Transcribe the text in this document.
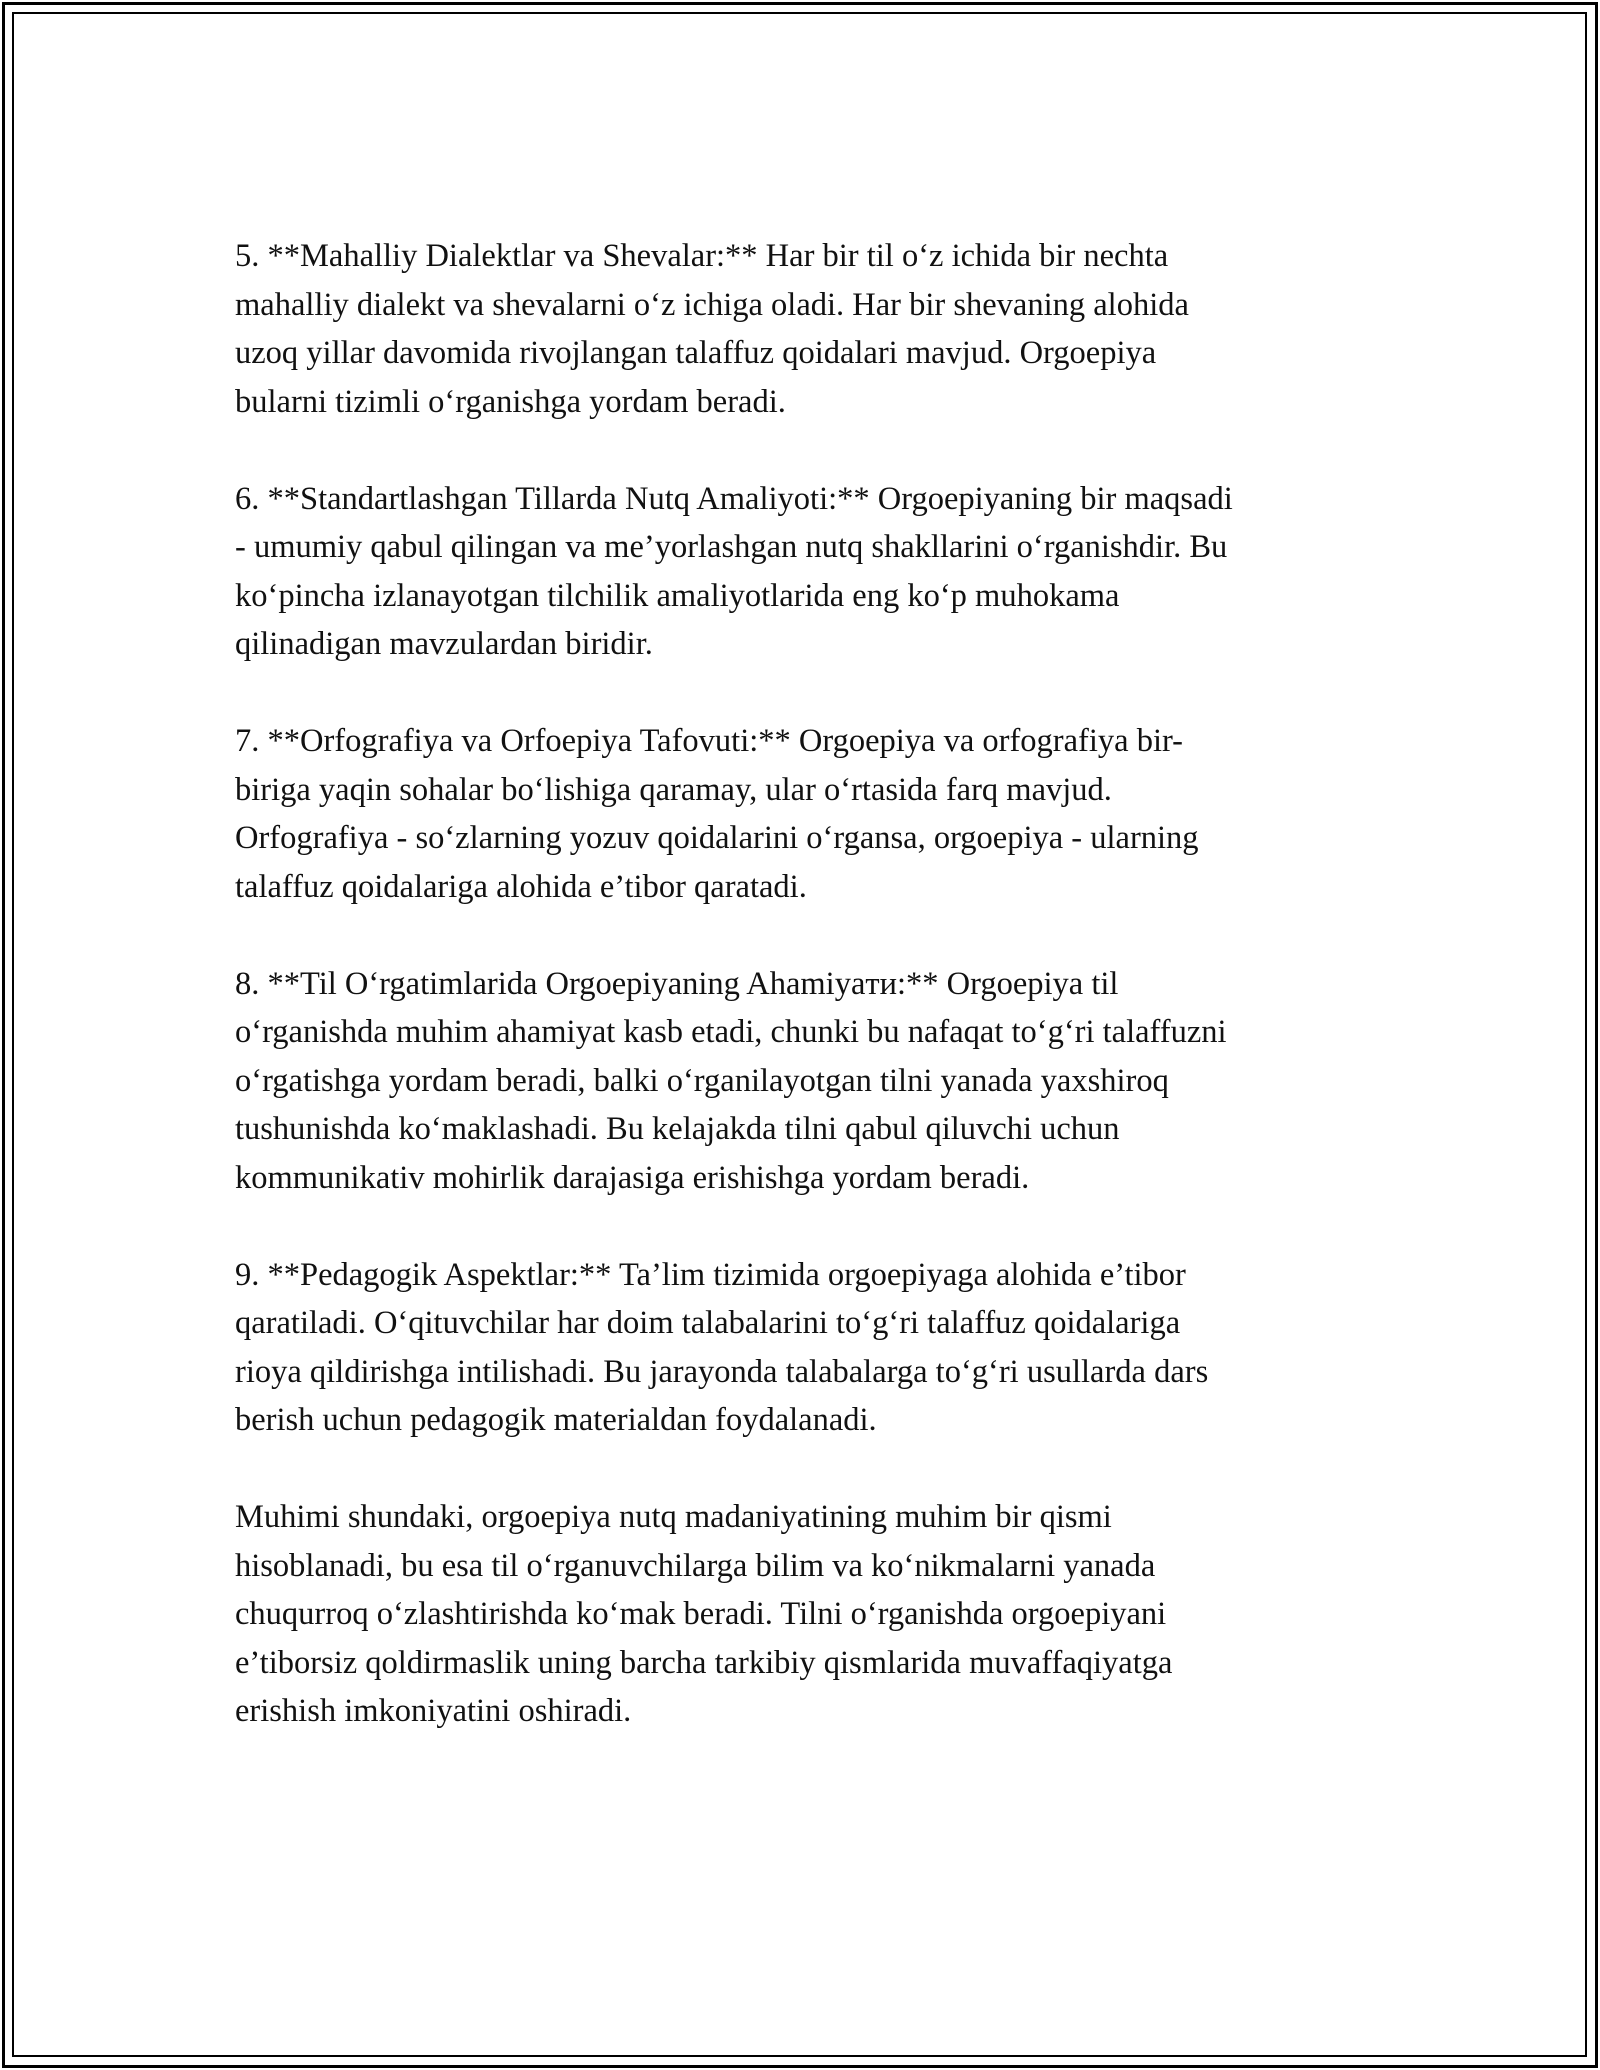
5. **Mahalliy Dialektlar va Shevalar:** Har bir til o‘z ichida bir nechta
mahalliy dialekt va shevalarni o‘z ichiga oladi. Har bir shevaning alohida
uzoq yillar davomida rivojlangan talaffuz qoidalari mavjud. Orgoepiya
bularni tizimli o‘rganishga yordam beradi.

6. **Standartlashgan Tillarda Nutq Amaliyoti:** Orgoepiyaning bir maqsadi
- umumiy qabul qilingan va me’yorlashgan nutq shakllarini o‘rganishdir. Bu
ko‘pincha izlanayotgan tilchilik amaliyotlarida eng ko‘p muhokama
qilinadigan mavzulardan biridir.

7. **Orfografiya va Orfoepiya Tafovuti:** Orgoepiya va orfografiya bir-
biriga yaqin sohalar bo‘lishiga qaramay, ular o‘rtasida farq mavjud.
Orfografiya - so‘zlarning yozuv qoidalarini o‘rgansa, orgoepiya - ularning
talaffuz qoidalariga alohida e’tibor qaratadi.

8. **Til O‘rgatimlarida Orgoepiyaning Ahamiyaти:** Orgoepiya til
o‘rganishda muhim ahamiyat kasb etadi, chunki bu nafaqat to‘g‘ri talaffuzni
o‘rgatishga yordam beradi, balki o‘rganilayotgan tilni yanada yaxshiroq
tushunishda ko‘maklashadi. Bu kelajakda tilni qabul qiluvchi uchun
kommunikativ mohirlik darajasiga erishishga yordam beradi.

9. **Pedagogik Aspektlar:** Ta’lim tizimida orgoepiyaga alohida e’tibor
qaratiladi. O‘qituvchilar har doim talabalarini to‘g‘ri talaffuz qoidalariga
rioya qildirishga intilishadi. Bu jarayonda talabalarga to‘g‘ri usullarda dars
berish uchun pedagogik materialdan foydalanadi.

Muhimi shundaki, orgoepiya nutq madaniyatining muhim bir qismi
hisoblanadi, bu esa til o‘rganuvchilarga bilim va ko‘nikmalarni yanada
chuqurroq o‘zlashtirishda ko‘mak beradi. Tilni o‘rganishda orgoepiyani
e’tiborsiz qoldirmaslik uning barcha tarkibiy qismlarida muvaffaqiyatga
erishish imkoniyatini oshiradi.
